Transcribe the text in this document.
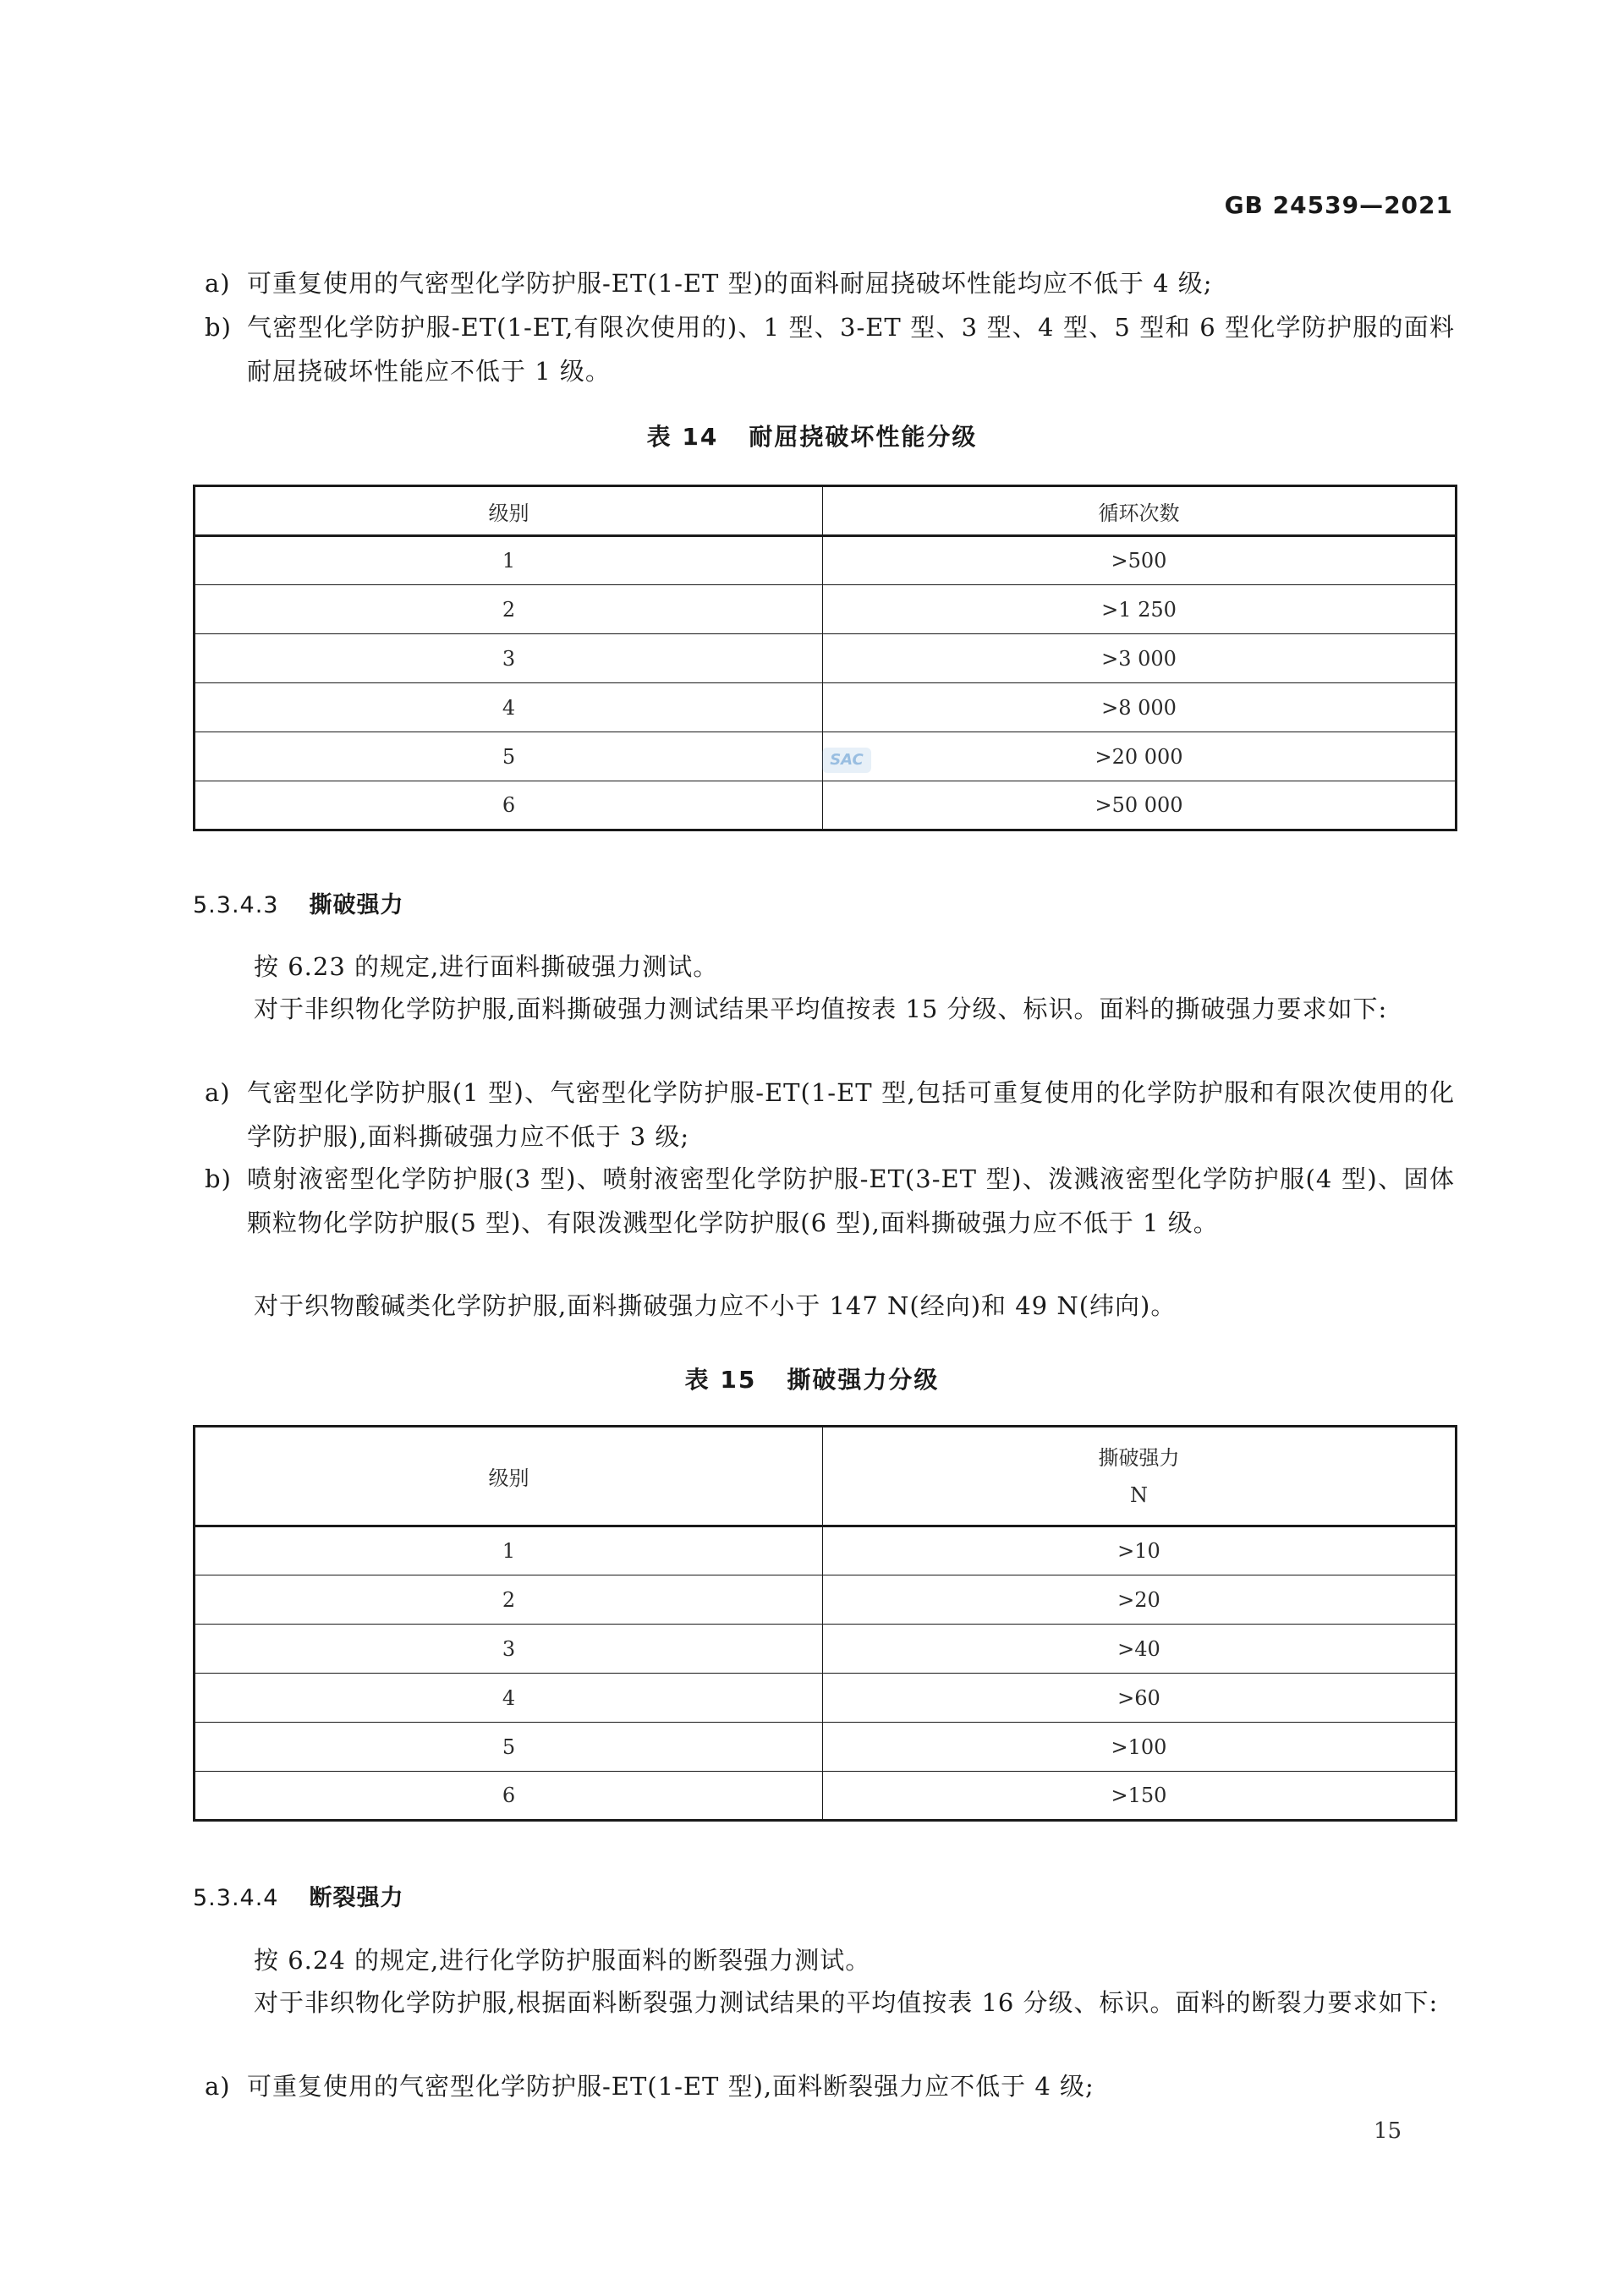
GB 24539—2021
a) 可重复使用的气密型化学防护服-ET(1-ET 型)的面料耐屈挠破坏性能均应不低于 4 级;
b) 气密型化学防护服-ET(1-ET,有限次使用的)、1 型、3-ET 型、3 型、4 型、5 型和 6 型化学防护服的面料耐屈挠破坏性能应不低于 1 级。
表 14 耐屈挠破坏性能分级
级别	循环次数
1	>500
2	>1 250
3	>3 000
4	>8 000
5	>20 000
6	>50 000
SAC
5.3.4.3 撕破强力

按 6.23 的规定,进行面料撕破强力测试。

对于非织物化学防护服,面料撕破强力测试结果平均值按表 15 分级、标识。面料的撕破强力要求如下:

a) 气密型化学防护服(1 型)、气密型化学防护服-ET(1-ET 型,包括可重复使用的化学防护服和有限次使用的化学防护服),面料撕破强力应不低于 3 级;
b) 喷射液密型化学防护服(3 型)、喷射液密型化学防护服-ET(3-ET 型)、泼溅液密型化学防护服(4 型)、固体颗粒物化学防护服(5 型)、有限泼溅型化学防护服(6 型),面料撕破强力应不低于 1 级。

对于织物酸碱类化学防护服,面料撕破强力应不小于 147 N(经向)和 49 N(纬向)。

表 15 撕破强力分级
级别	撕破强力
N

1	>10
2	>20
3	>40
4	>60
5	>100
6	>150
5.3.4.4 断裂强力

按 6.24 的规定,进行化学防护服面料的断裂强力测试。

对于非织物化学防护服,根据面料断裂强力测试结果的平均值按表 16 分级、标识。面料的断裂力要求如下:

a) 可重复使用的气密型化学防护服-ET(1-ET 型),面料断裂强力应不低于 4 级;
15
